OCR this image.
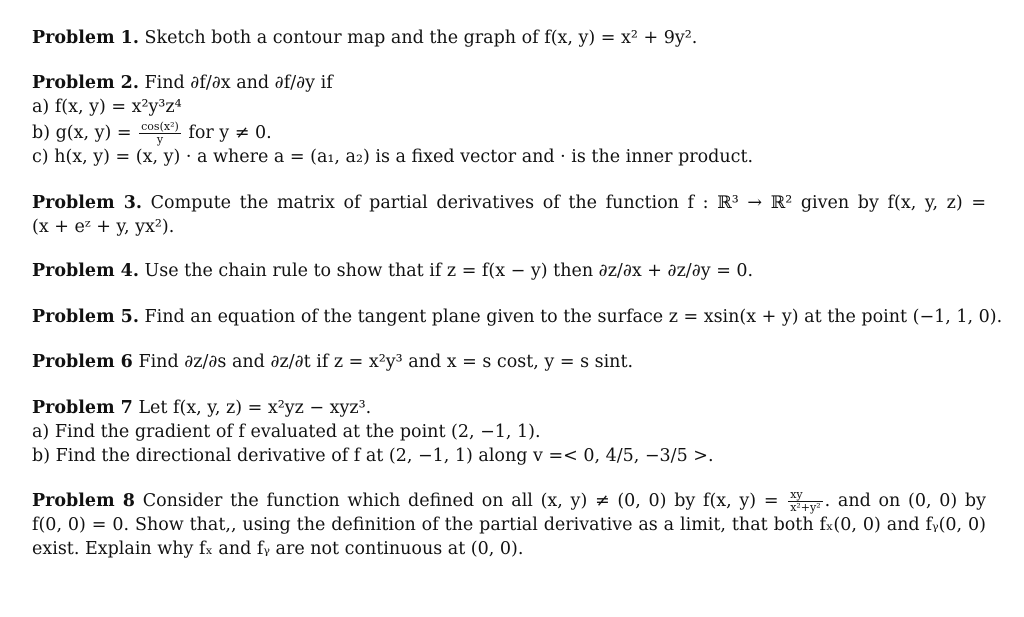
Problem 1. Sketch both a contour map and the graph of f(x, y) = x² + 9y².
Problem 2. Find ∂f/∂x and ∂f/∂y if
a) f(x, y) = x²y³z⁴
b) g(x, $y) = \frac{\text{cos(x²)}}{y}$ for y ≠ 0.
c) h(x, y) = (x, y) · a where a = (a₁, a₂) is a fixed vector and · is the inner product.
Problem 3. Compute the matrix of partial derivatives of the function f : ℝ³ → ℝ² given by f(x, y, z) =
(x + eᶻ + y, yx²).
Problem 4. Use the chain rule to show that if z = f(x − y) then ∂z/∂x + ∂z/∂y = 0.
Problem 5. Find an equation of the tangent plane given to the surface z = xsin(x + y) at the point (−1, 1, 0).
Problem 6 Find ∂z/∂s and ∂z/∂t if z = x²y³ and x = s cost, y = s sint.
Problem 7 Let f(x, y, z) = x²yz − xyz³.
a) Find the gradient of f evaluated at the point (2, −1, 1).
b) Find the directional derivative of f at (2, −1, 1) along v =< 0, 4/5, −3/5 >.
Problem 8 Consider the function which defined on all (x, y) ≠ (0, 0) by f(x, $y) = \frac{xy}{\text{x²+y²}}$ . and on (0, 0) by
f(0, 0) = 0. Show that,, using the definition of the partial derivative as a limit, that both fₓ(0, 0) and fᵧ(0, 0)
exist. Explain why fₓ and fᵧ are not continuous at (0, 0).
